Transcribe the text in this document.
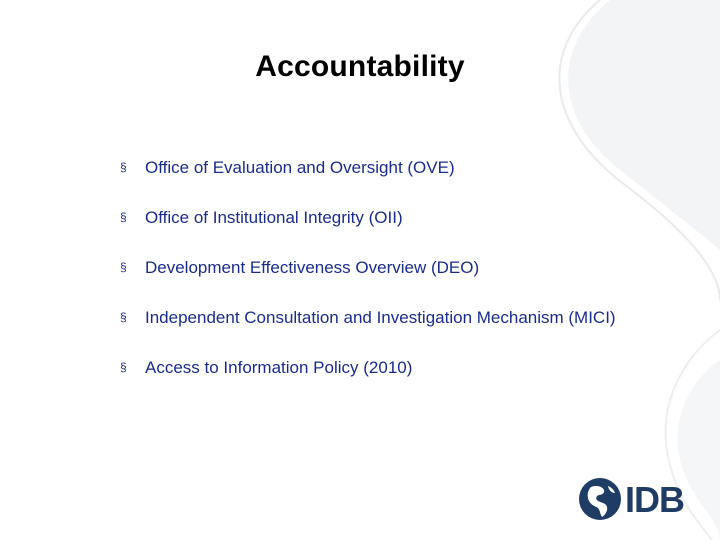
Accountability
§	Office of Evaluation and Oversight (OVE)
§	Office of Institutional Integrity (OII)
§	Development Effectiveness Overview (DEO)
§	Independent Consultation and Investigation Mechanism (MICI)
§	Access to Information Policy (2010)
IDB
